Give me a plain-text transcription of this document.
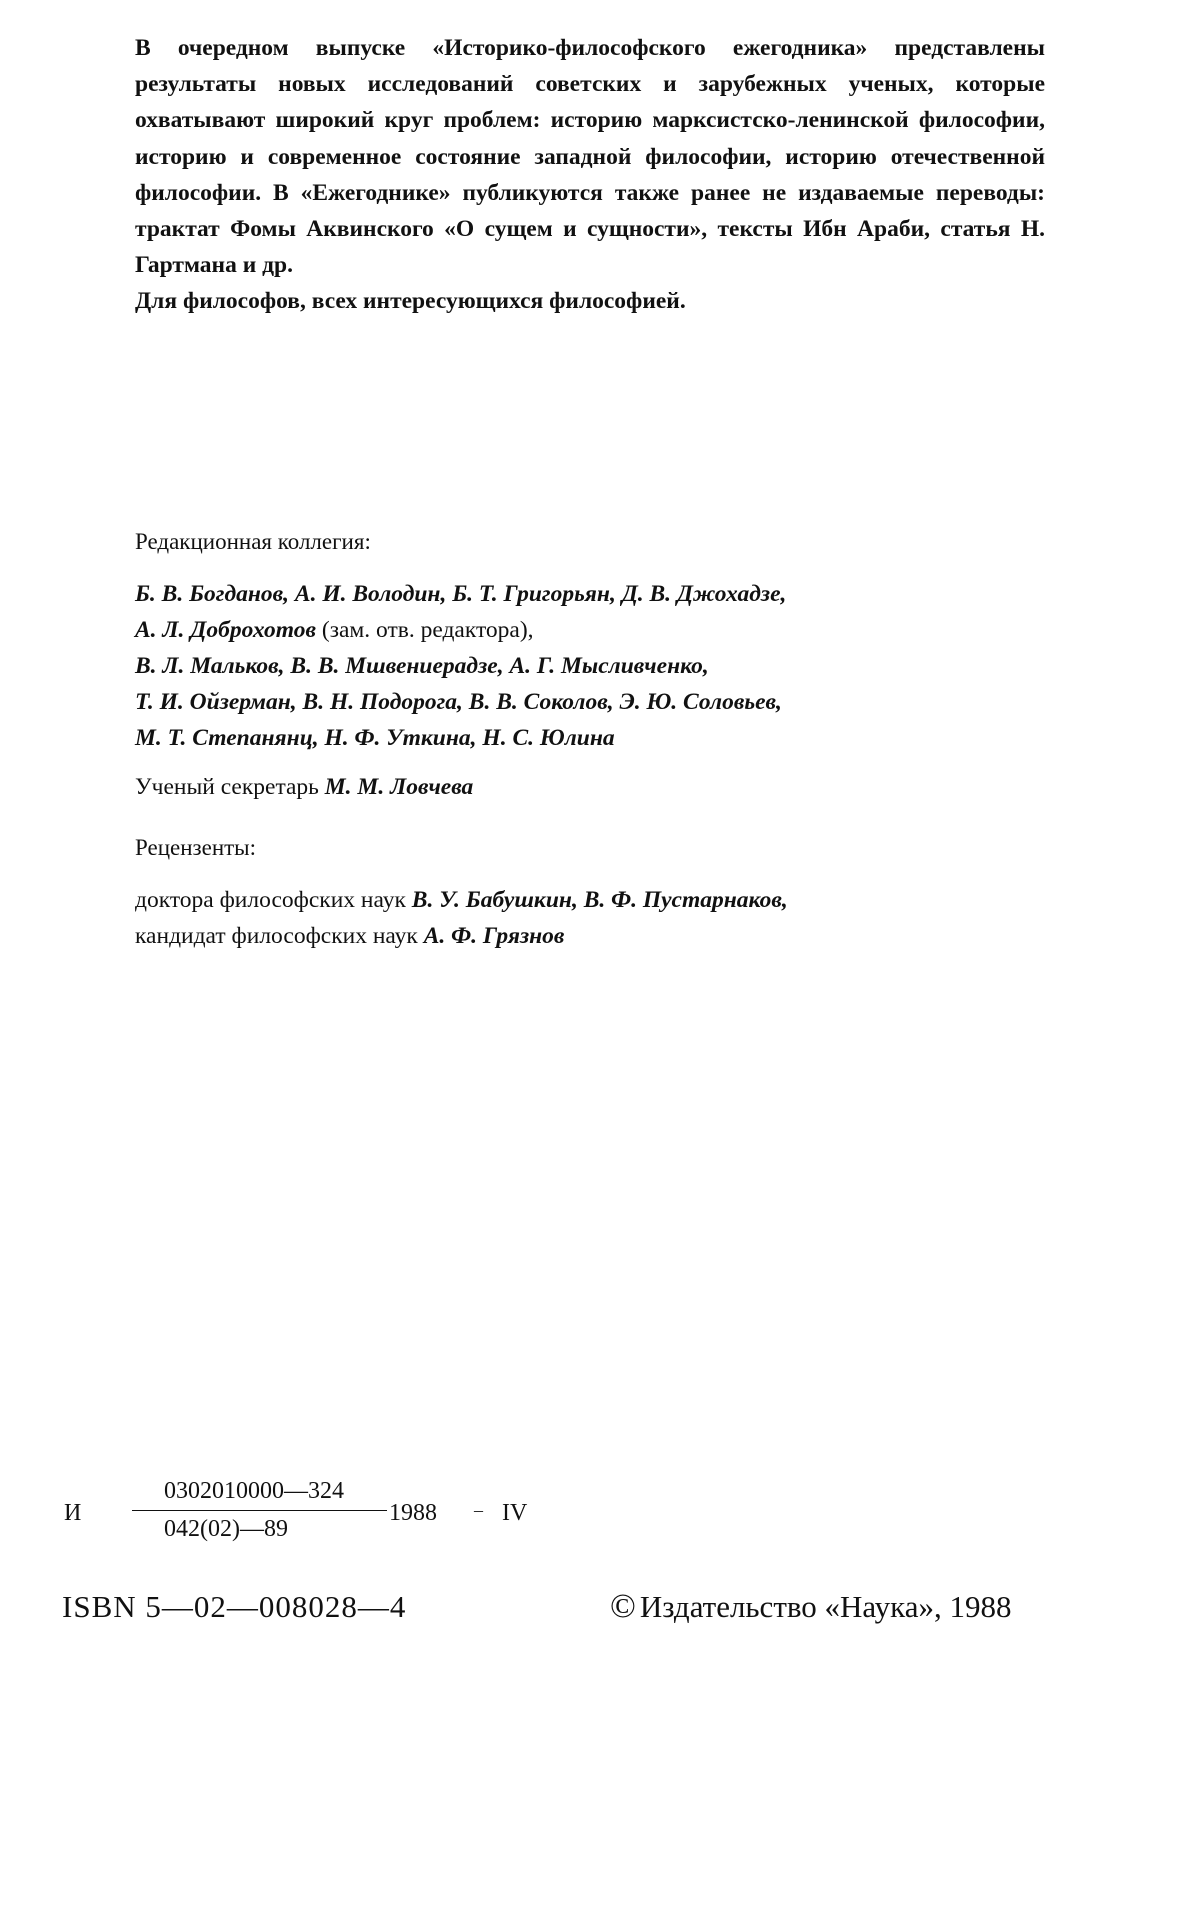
В очередном выпуске «Историко-философского ежегодника» представлены результаты новых исследований советских и зарубежных ученых, которые охватывают широкий круг проблем: историю марксистско-ленинской философии, историю и современное состояние западной философии, историю отечественной философии. В «Ежегоднике» публикуются также ранее не издаваемые переводы: трактат Фомы Аквинского «О сущем и сущности», тексты Ибн Араби, статья Н. Гартмана и др.

Для философов, всех интересующихся философией.

Редакционная коллегия:
Б. В. Богданов, А. И. Володин, Б. Т. Григорьян, Д. В. Джохадзе,
А. Л. Доброхотов (зам. отв. редактора),
В. Л. Мальков, В. В. Мшвениерадзе, А. Г. Мысливченко,
Т. И. Ойзерман, В. Н. Подорога, В. В. Соколов, Э. Ю. Соловьев,
М. Т. Степанянц, Н. Ф. Уткина, Н. С. Юлина
Ученый секретарь М. М. Ловчева
Рецензенты:
доктора философских наук В. У. Бабушкин, В. Ф. Пустарнаков,
кандидат философских наук А. Ф. Грязнов
И
0302010000—324
042(02)—89
1988 – IV
ISBN 5—02—008028—4	© Издательство «Наука», 1988
